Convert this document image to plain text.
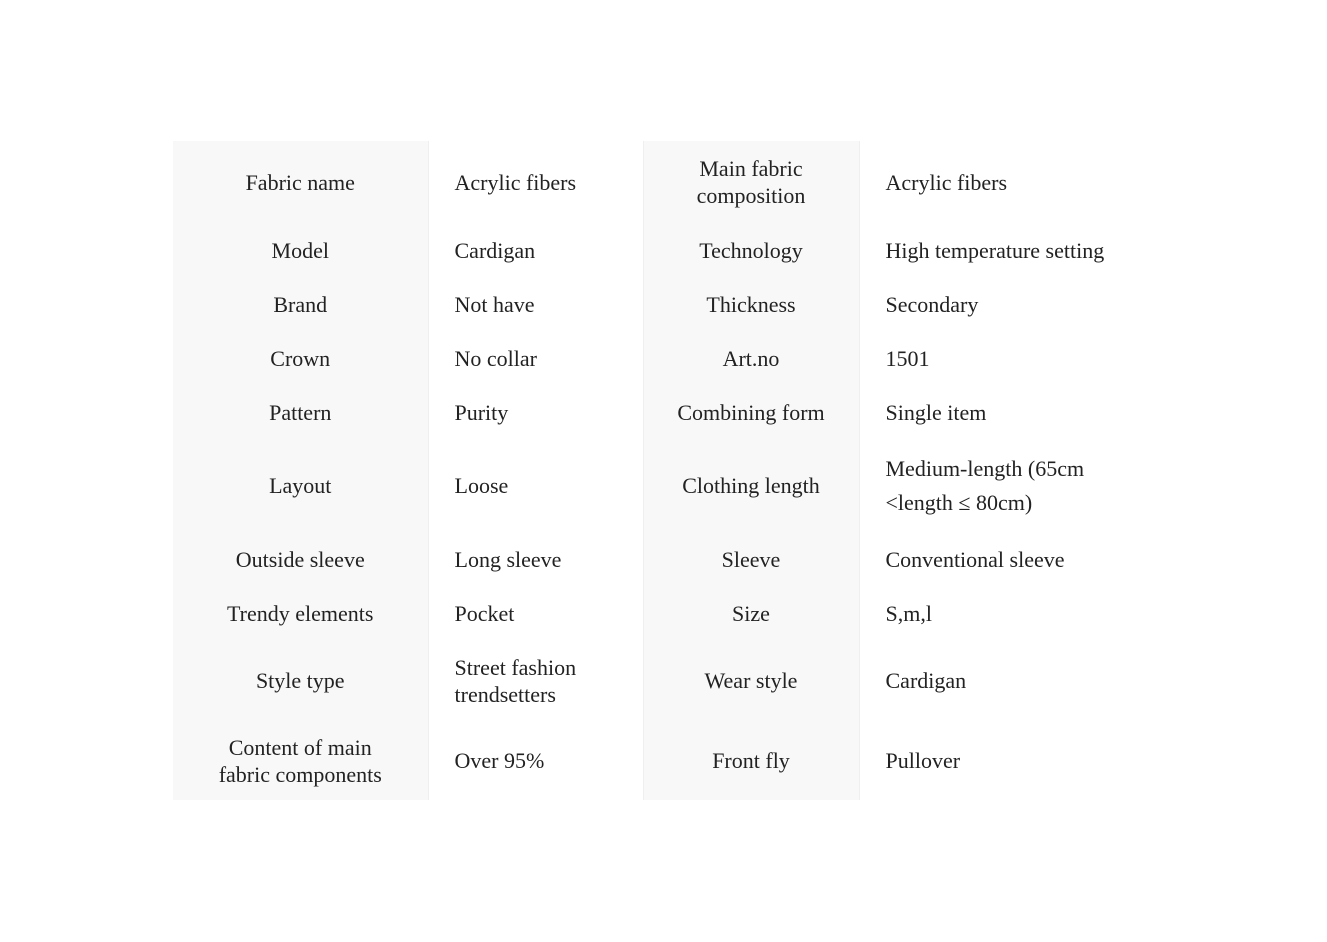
Fabric name	Acrylic fibers	Main fabric composition	Acrylic fibers
Model	Cardigan	Technology	High temperature setting
Brand	Not have	Thickness	Secondary
Crown	No collar	Art.no	1501
Pattern	Purity	Combining form	Single item
Layout	Loose	Clothing length	Medium-length (65cm <length ≤ 80cm)
Outside sleeve	Long sleeve	Sleeve	Conventional sleeve
Trendy elements	Pocket	Size	S,m,l
Style type	Street fashion trendsetters	Wear style	Cardigan
Content of main fabric components	Over 95%	Front fly	Pullover
